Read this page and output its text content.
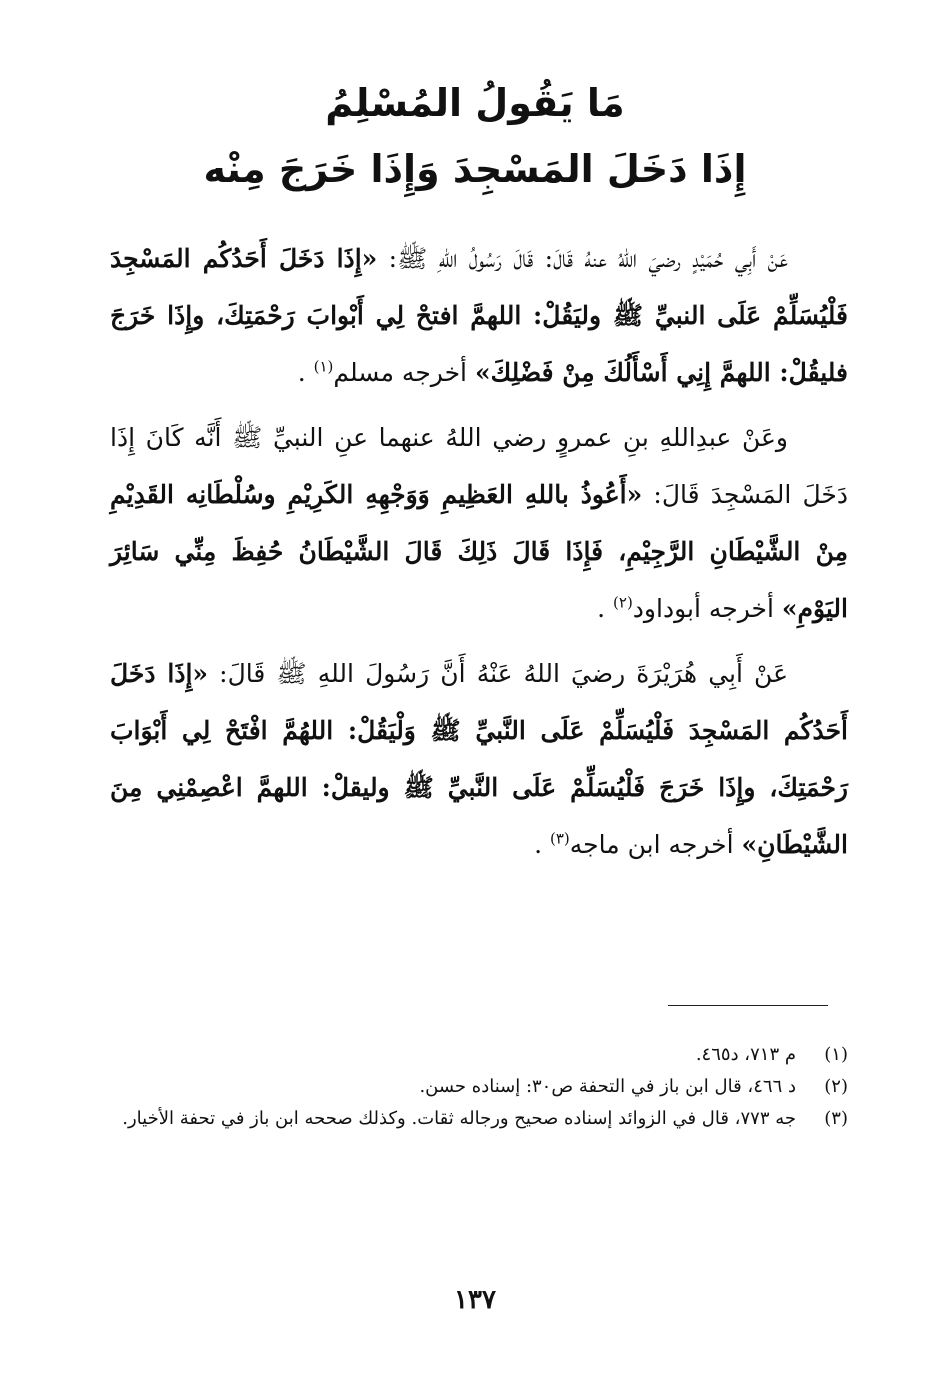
مَا يَقُولُ المُسْلِمُ

إِذَا دَخَلَ المَسْجِدَ وَإِذَا خَرَجَ مِنْه

عَنْ أَبِي حُمَيْدٍ رضيَ اللهُ عنهُ قَالَ: قَالَ رَسُولُ اللهِ ﷺ: «إِذَا دَخَلَ أَحَدُكُم المَسْجِدَ فَلْيُسَلِّمْ عَلَى النبيِّ ﷺ وليَقُلْ: اللهمَّ افتحْ لِي أَبْوابَ رَحْمَتِكَ، وإِذَا خَرَجَ فليقُلْ: اللهمَّ إِنِي أَسْأَلُكَ مِنْ فَضْلِكَ» أخرجه مسلم$^{(١)}$ .

وعَنْ عبدِاللهِ بنِ عمروٍ رضي اللهُ عنهما عنِ النبيِّ ﷺ أَنَّه كَانَ إِذَا دَخَلَ المَسْجِدَ قَالَ: «أَعُوذُ باللهِ العَظِيمِ وَوَجْهِهِ الكَرِيْمِ وسُلْطَانِه القَدِيْمِ مِنْ الشَّيْطَانِ الرَّجِيْمِ، فَإِذَا قَالَ ذَلِكَ قَالَ الشَّيْطَانُ حُفِظَ مِنِّي سَائِرَ اليَوْمِ» أخرجه أبوداود$^{(٢)}$ .

عَنْ أَبِي هُرَيْرَةَ رضيَ اللهُ عَنْهُ أَنَّ رَسُولَ اللهِ ﷺ قَالَ: «إِذَا دَخَلَ أَحَدُكُم المَسْجِدَ فَلْيُسَلِّمْ عَلَى النَّبيِّ ﷺ وَلْيَقُلْ: اللهُمَّ افْتَحْ لِي أَبْوَابَ رَحْمَتِكَ، وإِذَا خَرَجَ فَلْيُسَلِّمْ عَلَى النَّبيِّ ﷺ وليقلْ: اللهمَّ اعْصِمْنِي مِنَ الشَّيْطَانِ» أخرجه ابن ماجه$^{(٣)}$ .

(١)
م ٧١٣، د٤٦٥.
(٢)
د ٤٦٦، قال ابن باز في التحفة ص٣٠: إسناده حسن.
(٣)
جه ٧٧٣، قال في الزوائد إسناده صحيح ورجاله ثقات. وكذلك صححه ابن باز في تحفة الأخيار.
١٣٧
